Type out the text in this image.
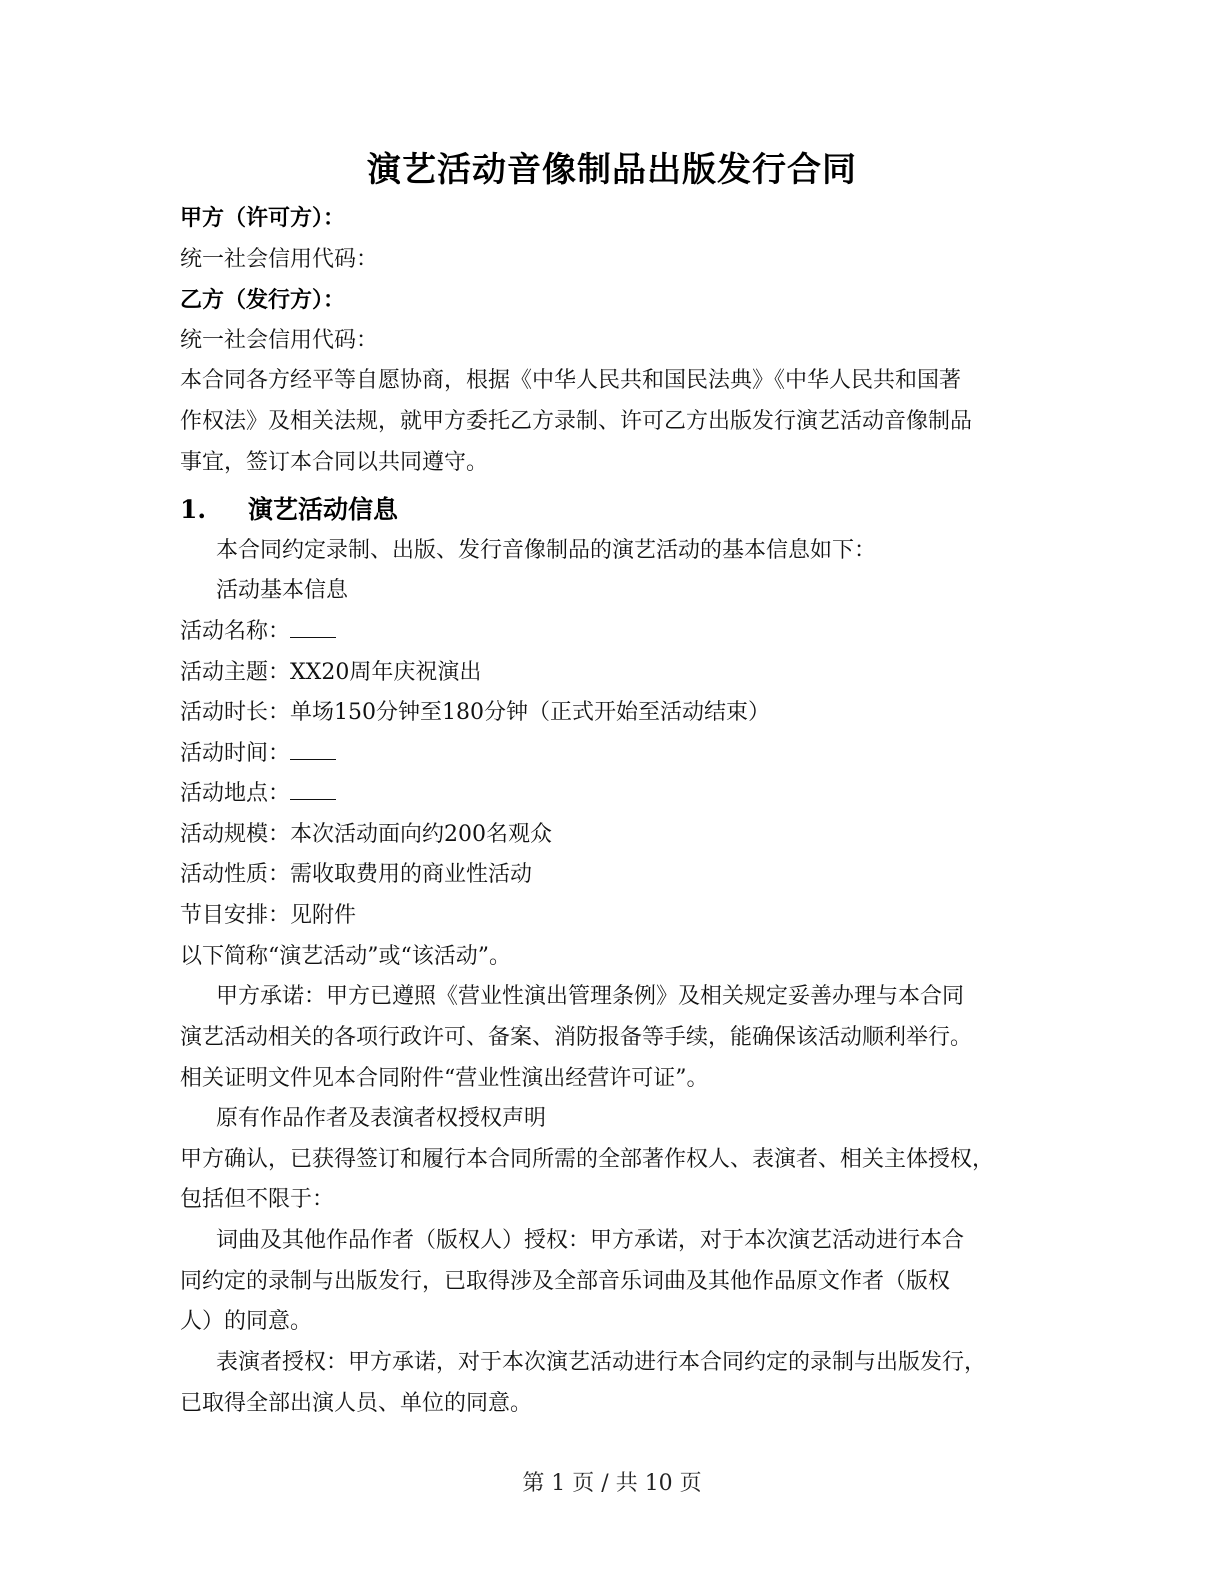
演艺活动音像制品出版发行合同
甲方（许可方）：
统一社会信用代码：
乙方（发行方）：
统一社会信用代码：
本合同各方经平等自愿协商，根据《中华人民共和国民法典》《中华人民共和国著
作权法》及相关法规，就甲方委托乙方录制、许可乙方出版发行演艺活动音像制品
事宜，签订本合同以共同遵守。
1. 演艺活动信息
本合同约定录制、出版、发行音像制品的演艺活动的基本信息如下：
活动基本信息
活动名称：
活动主题：XX20周年庆祝演出
活动时长：单场150分钟至180分钟（正式开始至活动结束）
活动时间：
活动地点：
活动规模：本次活动面向约200名观众
活动性质：需收取费用的商业性活动
节目安排：见附件
以下简称“演艺活动”或“该活动”。
甲方承诺：甲方已遵照《营业性演出管理条例》及相关规定妥善办理与本合同
演艺活动相关的各项行政许可、备案、消防报备等手续，能确保该活动顺利举行。
相关证明文件见本合同附件“营业性演出经营许可证”。
原有作品作者及表演者权授权声明
甲方确认，已获得签订和履行本合同所需的全部著作权人、表演者、相关主体授权，
包括但不限于：
词曲及其他作品作者（版权人）授权：甲方承诺，对于本次演艺活动进行本合
同约定的录制与出版发行，已取得涉及全部音乐词曲及其他作品原文作者（版权
人）的同意。
表演者授权：甲方承诺，对于本次演艺活动进行本合同约定的录制与出版发行，
已取得全部出演人员、单位的同意。
第 1 页 / 共 10 页
